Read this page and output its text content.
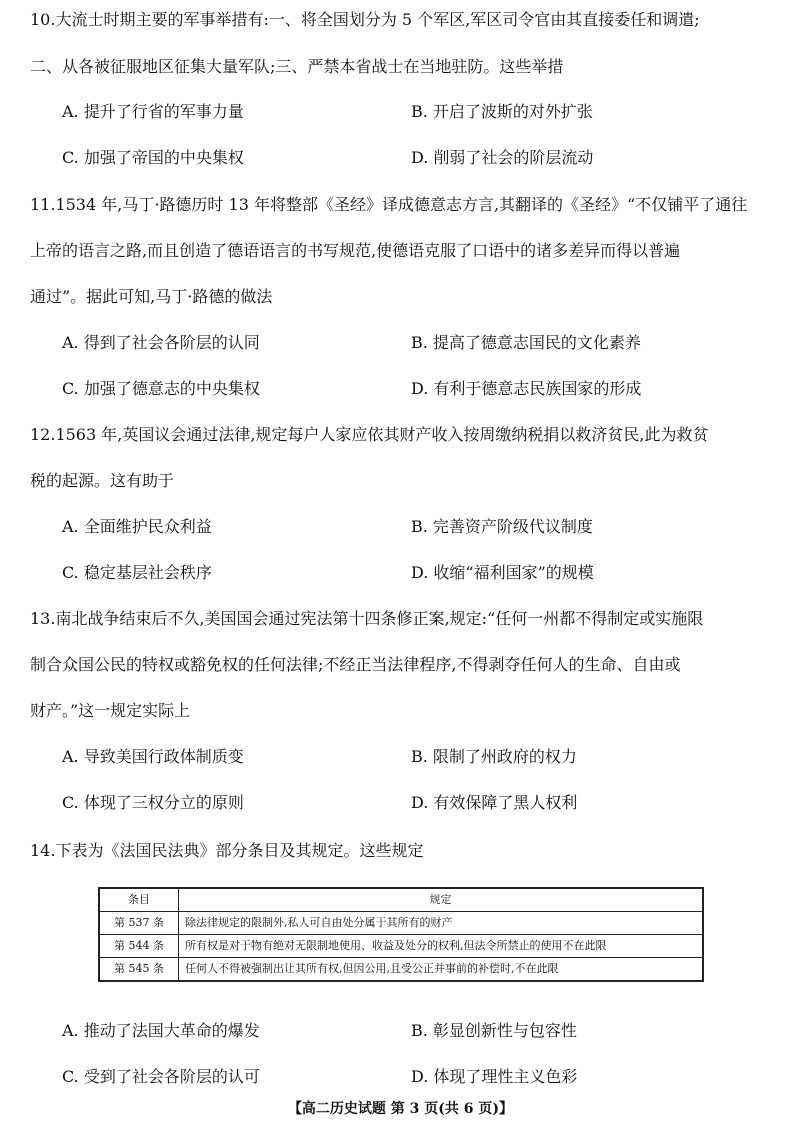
10.大流士时期主要的军事举措有:一、将全国划分为 5 个军区,军区司令官由其直接委任和调遣;
二、从各被征服地区征集大量军队;三、严禁本省战士在当地驻防。这些举措
A. 提升了行省的军事力量	B. 开启了波斯的对外扩张
C. 加强了帝国的中央集权	D. 削弱了社会的阶层流动
11.1534 年,马丁·路德历时 13 年将整部《圣经》译成德意志方言,其翻译的《圣经》“不仅铺平了通往
上帝的语言之路,而且创造了德语语言的书写规范,使德语克服了口语中的诸多差异而得以普遍
通过”。据此可知,马丁·路德的做法
A. 得到了社会各阶层的认同	B. 提高了德意志国民的文化素养
C. 加强了德意志的中央集权	D. 有利于德意志民族国家的形成
12.1563 年,英国议会通过法律,规定每户人家应依其财产收入按周缴纳税捐以救济贫民,此为救贫
税的起源。这有助于
A. 全面维护民众利益	B. 完善资产阶级代议制度
C. 稳定基层社会秩序	D. 收缩“福利国家”的规模
13.南北战争结束后不久,美国国会通过宪法第十四条修正案,规定:“任何一州都不得制定或实施限
制合众国公民的特权或豁免权的任何法律;不经正当法律程序,不得剥夺任何人的生命、自由或
财产。”这一规定实际上
A. 导致美国行政体制质变	B. 限制了州政府的权力
C. 体现了三权分立的原则	D. 有效保障了黑人权利
14.下表为《法国民法典》部分条目及其规定。这些规定
条目	规定
第 537 条	除法律规定的限制外,私人可自由处分属于其所有的财产
第 544 条	所有权是对于物有绝对无限制地使用、收益及处分的权利,但法令所禁止的使用不在此限
第 545 条	任何人不得被强制出让其所有权,但因公用,且受公正并事前的补偿时,不在此限
A. 推动了法国大革命的爆发	B. 彰显创新性与包容性
C. 受到了社会各阶层的认可	D. 体现了理性主义色彩
【高二历史试题 第 3 页(共 6 页)】
